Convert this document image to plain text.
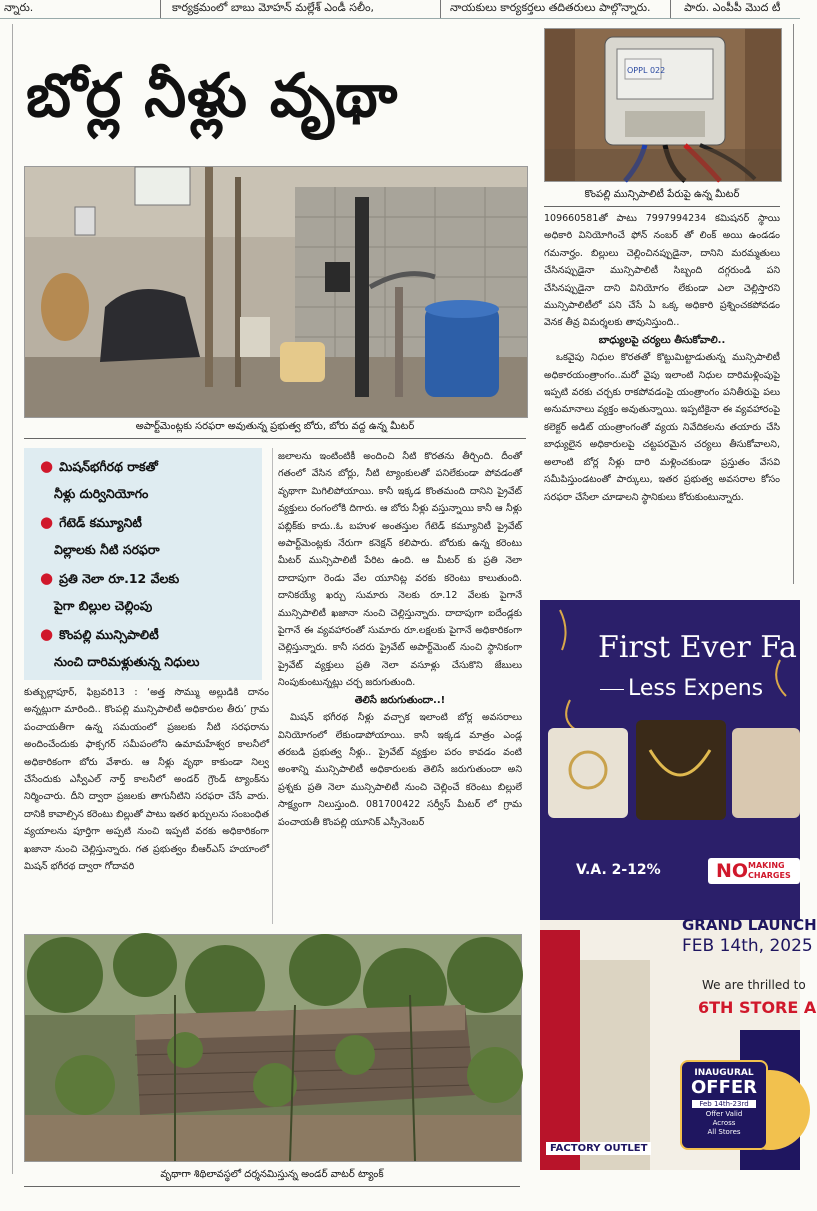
న్నారు.	కార్యక్రమంలో బాబు మోహన్ మల్లేశ్ ఎండీ సలీం,	నాయకులు కార్యకర్తలు తదితరులు పాల్గొన్నారు.	పారు. ఎంపీపీ మొద టీ
బోర్ల నీళ్లు వృథా
అపార్ట్‌మెంట్లకు సరఫరా అవుతున్న ప్రభుత్వ బోరు, బోరు వద్ద ఉన్న మీటర్
OPPL 022
కొంపల్లి మున్సిపాలిటీ పేరుపై ఉన్న మీటర్
● మిషన్‌భగీరథ రాకతో
నీళ్లు దుర్వినియోగం
● గేటెడ్ కమ్యూనిటీ
విల్లాలకు నీటి సరఫరా
● ప్రతి నెలా రూ.12 వేలకు
పైగా బిల్లుల చెల్లింపు
● కొంపల్లి మున్సిపాలిటీ
నుంచి దారిమళ్లుతున్న నిధులు

కుత్బుల్లాపూర్, ఫిబ్రవరి13 : ‘అత్త సొమ్ము అల్లుడికి దానం అన్నట్లుగా మారింది.. కొంపల్లి మున్సిపాలిటీ అధికారుల తీరు’ గ్రామ పంచాయతీగా ఉన్న సమయంలో ప్రజలకు నీటి సరఫరాను అందించేందుకు ఫాక్సగర్ సమీపంలోని ఉమామహేశ్వర కాలనీలో అధికారికంగా బోరు వేశారు. ఆ నీళ్లు వృథా కాకుండా నిల్వ చేసేందుకు ఎస్వీఎల్ నార్త్ కాలనీలో అండర్ గ్రౌండ్ ట్యాంక్‌ను నిర్మించారు. దీని ద్వారా ప్రజలకు తాగునీటిని సరఫరా చేసే వారు. దానికి కావాల్సిన కరెంటు బిల్లుతో పాటు ఇతర ఖర్చులను సంబంధిత వ్యయాలను పూర్తిగా అప్పటి నుంచి ఇప్పటి వరకు అధికారికంగా ఖజానా నుంచి చెల్లిస్తున్నారు. గత ప్రభుత్వం బీఆర్ఎస్ హయాంలో మిషన్ భగీరథ ద్వారా గోదావరి

జలాలను ఇంటింటికీ అందించి నీటి కొరతను తీర్చింది. దీంతో గతంలో వేసిన బోర్లు, నీటి ట్యాంకులతో పనిలేకుండా పోవడంతో వృథాగా మిగిలిపోయాయి. కానీ ఇక్కడ కొంతమంది దానిని ప్రైవేట్ వ్యక్తులు రంగంలోకి దిగారు. ఆ బోరు నీళ్లు వస్తున్నాయి కానీ ఆ నీళ్లు పబ్లిక్‌కు కాదు..ఓ బహుళ అంతస్తుల గేటెడ్ కమ్యూనిటీ ప్రైవేట్ అపార్ట్‌మెంట్లకు నేరుగా కనెక్షన్ కలిపారు. బోరుకు ఉన్న కరెంటు మీటర్ మున్సిపాలిటీ పేరిట ఉంది. ఆ మీటర్ కు ప్రతి నెలా దాదాపుగా రెండు వేల యూనిట్ల వరకు కరెంటు కాలుతుంది. దానికయ్యే ఖర్చు సుమారు నెలకు రూ.12 వేలకు పైగానే మున్సిపాలిటీ ఖజానా నుంచి చెల్లిస్తున్నారు. దాదాపుగా ఐదేండ్లకు పైగానే ఈ వ్యవహారంతో సుమారు రూ.లక్షలకు పైగానే అధికారికంగా చెల్లిస్తున్నారు. కానీ సదరు ప్రైవేట్ అపార్ట్‌మెంట్ నుంచి స్థానికంగా ప్రైవేట్ వ్యక్తులు ప్రతి నెలా వసూళ్లు చేసుకొని జేబులు నింపుకుంటున్నట్లు చర్చ జరుగుతుంది.

తెలిసే జరుగుతుందా..!

మిషన్ భగీరథ నీళ్లు వచ్చాక ఇలాంటి బోర్ల అవసరాలు వినియోగంలో లేకుండాపోయాయి. కానీ ఇక్కడ మాత్రం ఎండ్ల తరబడి ప్రభుత్వ నీళ్లు.. ప్రైవేట్ వ్యక్తుల పరం కావడం వంటి అంశాన్ని మున్సిపాలిటీ అధికారులకు తెలిసే జరుగుతుందా అని ప్రశ్నకు ప్రతి నెలా మున్సిపాలిటీ నుంచి చెల్లించే కరెంటు బిల్లులే సాక్ష్యంగా నిలుస్తుంది. 081700422 సర్వీస్ మీటర్ లో గ్రామ పంచాయతీ కొంపల్లి యూనిక్ ఎస్సీనెంబర్

109660581తో పాటు 7997994234 కమిషనర్ స్థాయి అధికారి వినియోగించే ఫోన్ నంబర్ తో లింక్ అయి ఉండడం గమనార్హం. బిల్లులు చెల్లించినప్పుడైనా, దానిని మరమ్మతులు చేసినప్పుడైనా మున్సిపాలిటీ సిబ్బంది దగ్గరుండి పని చేసినప్పుడైనా దాని వినియోగం లేకుండా ఎలా చెల్లిస్తారని మున్సిపాలిటీలో పని చేసే ఏ ఒక్క అధికారి ప్రశ్నించకపోవడం వెనక తీవ్ర విమర్శలకు తావునిస్తుంది..

బాధ్యులపై చర్యలు తీసుకోవాలి..

ఒకవైపు నిధుల కొరతతో కొట్టుమిట్టాడుతున్న మున్సిపాలిటీ అధికారయంత్రాంగం..మరో వైపు ఇలాంటి నిధుల దారిమళ్లింపుపై ఇప్పటి వరకు చర్చకు రాకపోవడంపై యంత్రాంగం పనితీరుపై పలు అనుమానాలు వ్యక్తం అవుతున్నాయి. ఇప్పటికైనా ఈ వ్యవహారంపై కలెక్టర్ అడిట్ యంత్రాంగంతో వ్యయ నివేదికలను తయారు చేసి బాధ్యులైన అధికారులపై చట్టపరమైన చర్యలు తీసుకోవాలని, అలాంటి బోర్ల నీళ్లు దారి మళ్లించకుండా ప్రస్తుతం వేసవి సమీపిస్తుండటంతో పార్కులు, ఇతర ప్రభుత్వ అవసరాల కోసం సరఫరా చేసేలా చూడాలని స్థానికులు కోరుకుంటున్నారు.

వృథాగా శిథిలావస్థలో దర్శనమిస్తున్న అండర్ వాటర్ ట్యాంక్
First Ever Fa
Less Expens
V.A. 2-12%	NO MAKING
CHARGES
GRAND LAUNCH
FEB 14th, 2025
We are thrilled to
6TH STORE A
INAUGURAL
OFFER
Feb 14th-23rd
Offer Valid
Across
All Stores
FACTORY OUTLET
